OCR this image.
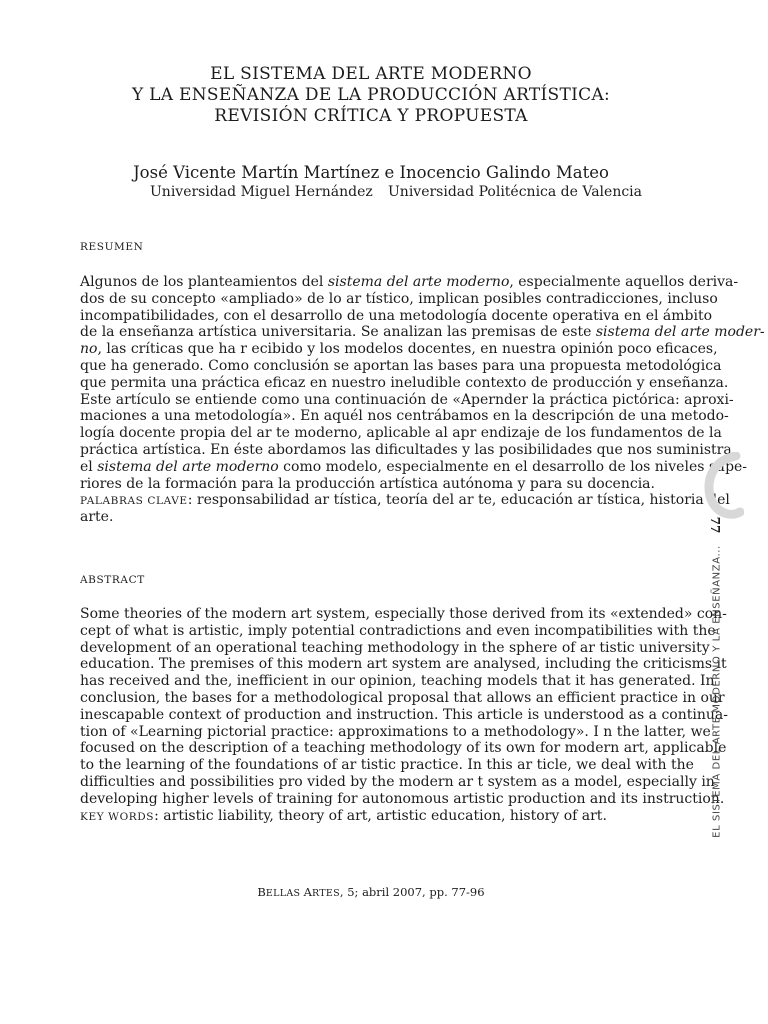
EL SISTEMA DEL ARTE MODERNO
Y LA ENSEÑANZA DE LA PRODUCCIÓN ARTÍSTICA:
REVISIÓN CRÍTICA Y PROPUESTA
José Vicente Martín Martínez e Inocencio Galindo Mateo
Universidad Miguel Hernández Universidad Politécnica de Valencia
RESUMEN
Algunos de los planteamientos del sistema del arte moderno, especialmente aquellos deriva-
dos de su concepto «ampliado» de lo ar tístico, implican posibles contradicciones, incluso
incompatibilidades, con el desarrollo de una metodología docente operativa en el ámbito
de la enseñanza artística universitaria. Se analizan las premisas de este sistema del arte moder-
no, las críticas que ha r ecibido y los modelos docentes, en nuestra opinión poco eficaces,
que ha generado. Como conclusión se aportan las bases para una propuesta metodológica
que permita una práctica eficaz en nuestro ineludible contexto de producción y enseñanza.
Este artículo se entiende como una continuación de «Apernder la práctica pictórica: aproxi-
maciones a una metodología». En aquél nos centrábamos en la descripción de una metodo-
logía docente propia del ar te moderno, aplicable al apr endizaje de los fundamentos de la
práctica artística. En éste abordamos las dificultades y las posibilidades que nos suministra
el sistema del arte moderno como modelo, especialmente en el desarrollo de los niveles supe-
riores de la formación para la producción artística autónoma y para su docencia.
PALABRAS CLAVE: responsabilidad ar tística, teoría del ar te, educación ar tística, historia del
arte.
ABSTRACT
Some theories of the modern art system, especially those derived from its «extended» con-
cept of what is artistic, imply potential contradictions and even incompatibilities with the
development of an operational teaching methodology in the sphere of ar tistic university
education. The premises of this modern art system are analysed, including the criticisms it
has received and the, inefficient in our opinion, teaching models that it has generated. In
conclusion, the bases for a methodological proposal that allows an efficient practice in our
inescapable context of production and instruction. This article is understood as a continua-
tion of «Learning pictorial practice: approximations to a methodology». I n the latter, we
focused on the description of a teaching methodology of its own for modern art, applicable
to the learning of the foundations of ar tistic practice. In this ar ticle, we deal with the
difficulties and possibilities pro vided by the modern ar t system as a model, especially in
developing higher levels of training for autonomous artistic production and its instruction.
KEY WORDS: artistic liability, theory of art, artistic education, history of art.
BELLAS ARTES, 5; abril 2007, pp. 77-96
77
EL SISTEMA DEL ARTE MODERNO Y LA ENSEÑANZA...
